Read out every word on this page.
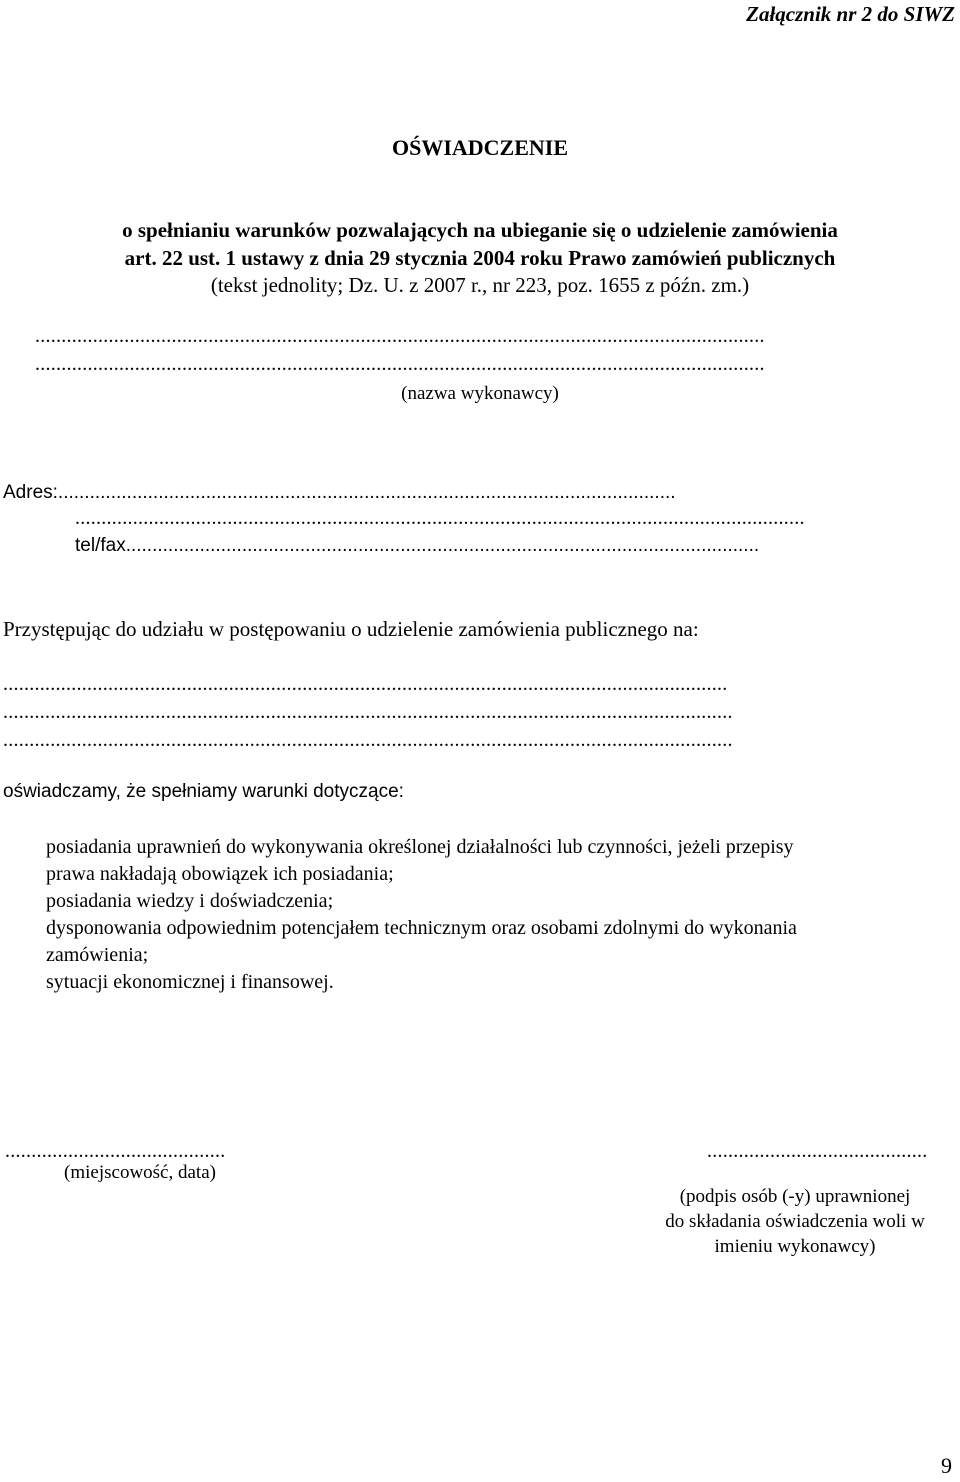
Załącznik nr 2 do SIWZ
OŚWIADCZENIE
o spełnianiu warunków pozwalających na ubieganie się o udzielenie zamówienia
art. 22 ust. 1 ustawy z dnia 29 stycznia 2004 roku Prawo zamówień publicznych
(tekst jednolity; Dz. U. z 2007 r., nr 223, poz. 1655 z późn. zm.)
...........................................................................................................................................
...........................................................................................................................................
(nazwa wykonawcy)
Adres:.....................................................................................................................
...........................................................................................................................................
tel/fax........................................................................................................................
Przystępując do udziału w postępowaniu o udzielenie zamówienia publicznego na:
..........................................................................................................................................
...........................................................................................................................................
...........................................................................................................................................
oświadczamy, że spełniamy warunki dotyczące:
posiadania uprawnień do wykonywania określonej działalności lub czynności, jeżeli przepisy
prawa nakładają obowiązek ich posiadania;
posiadania wiedzy i doświadczenia;
dysponowania odpowiednim potencjałem technicznym oraz osobami zdolnymi do wykonania
zamówienia;
sytuacji ekonomicznej i finansowej.
..........................................
(miejscowość, data)
..........................................
(podpis osób (-y) uprawnionej
do składania oświadczenia woli w
imieniu wykonawcy)
9
